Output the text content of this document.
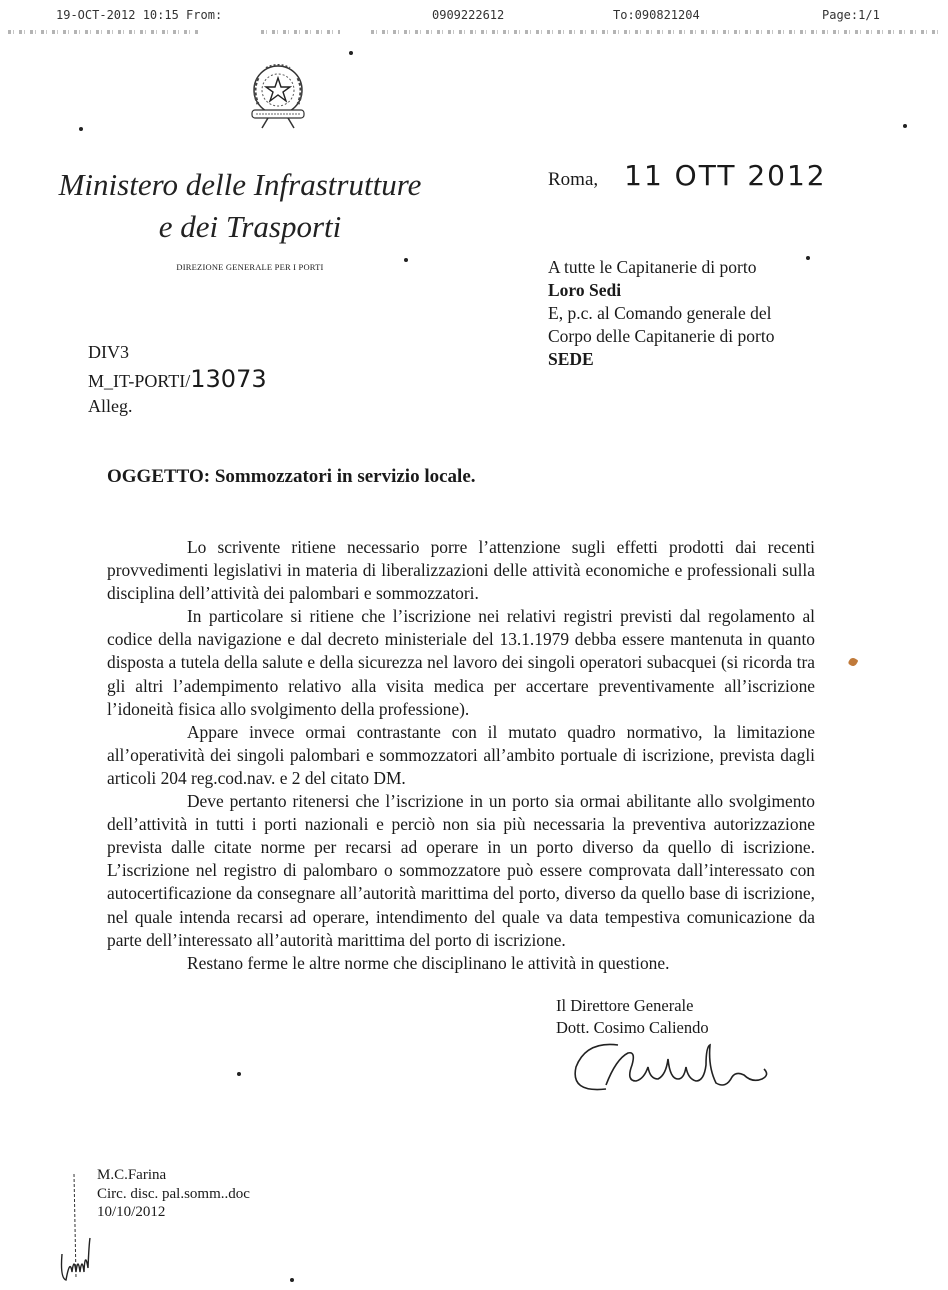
19-OCT-2012 10:15 From:	0909222612	To:090821204	Page:1/1
Ministero delle Infrastrutture
e dei Trasporti
DIREZIONE GENERALE PER I PORTI
Roma, 11 OTT 2012
A tutte le Capitanerie di porto
Loro Sedi
E, p.c. al Comando generale del
Corpo delle Capitanerie di porto
SEDE
DIV3
M_IT-PORTI/13073
Alleg.
OGGETTO: Sommozzatori in servizio locale.

Lo scrivente ritiene necessario porre l’attenzione sugli effetti prodotti dai recenti provvedimenti legislativi in materia di liberalizzazioni delle attività economiche e professionali sulla disciplina dell’attività dei palombari e sommozzatori.

In particolare si ritiene che l’iscrizione nei relativi registri previsti dal regolamento al codice della navigazione e dal decreto ministeriale del 13.1.1979 debba essere mantenuta in quanto disposta a tutela della salute e della sicurezza nel lavoro dei singoli operatori subacquei (si ricorda tra gli altri l’adempimento relativo alla visita medica per accertare preventivamente all’iscrizione l’idoneità fisica allo svolgimento della professione).

Appare invece ormai contrastante con il mutato quadro normativo, la limitazione all’operatività dei singoli palombari e sommozzatori all’ambito portuale di iscrizione, prevista dagli articoli 204 reg.cod.nav. e 2 del citato DM.

Deve pertanto ritenersi che l’iscrizione in un porto sia ormai abilitante allo svolgimento dell’attività in tutti i porti nazionali e perciò non sia più necessaria la preventiva autorizzazione prevista dalle citate norme per recarsi ad operare in un porto diverso da quello di iscrizione. L’iscrizione nel registro di palombaro o sommozzatore può essere comprovata dall’interessato con autocertificazione da consegnare all’autorità marittima del porto, diverso da quello base di iscrizione, nel quale intenda recarsi ad operare, intendimento del quale va data tempestiva comunicazione da parte dell’interessato all’autorità marittima del porto di iscrizione.

Restano ferme le altre norme che disciplinano le attività in questione.

Il Direttore Generale
Dott. Cosimo Caliendo
M.C.Farina
Circ. disc. pal.somm..doc
10/10/2012
